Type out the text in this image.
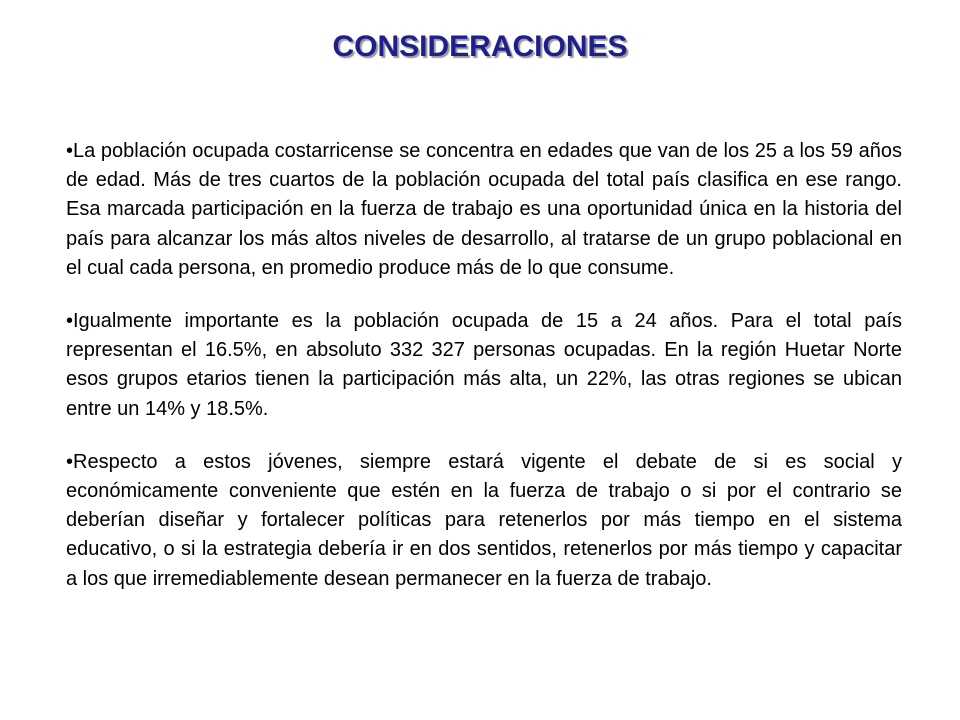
CONSIDERACIONES

•La población ocupada costarricense se concentra en edades que van de los 25 a los 59 años de edad. Más de tres cuartos de la población ocupada del total país clasifica en ese rango. Esa marcada participación en la fuerza de trabajo es una oportunidad única en la historia del país para alcanzar los más altos niveles de desarrollo, al tratarse de un grupo poblacional en el cual cada persona, en promedio produce más de lo que consume.

•Igualmente importante es la población ocupada de 15 a 24 años. Para el total país representan el 16.5%, en absoluto 332 327 personas ocupadas. En la región Huetar Norte esos grupos etarios tienen la participación más alta, un 22%, las otras regiones se ubican entre un 14% y 18.5%.

•Respecto a estos jóvenes, siempre estará vigente el debate de si es social y económicamente conveniente que estén en la fuerza de trabajo o si por el contrario se deberían diseñar y fortalecer políticas para retenerlos por más tiempo en el sistema educativo, o si la estrategia debería ir en dos sentidos, retenerlos por más tiempo y capacitar a los que irremediablemente desean permanecer en la fuerza de trabajo.
